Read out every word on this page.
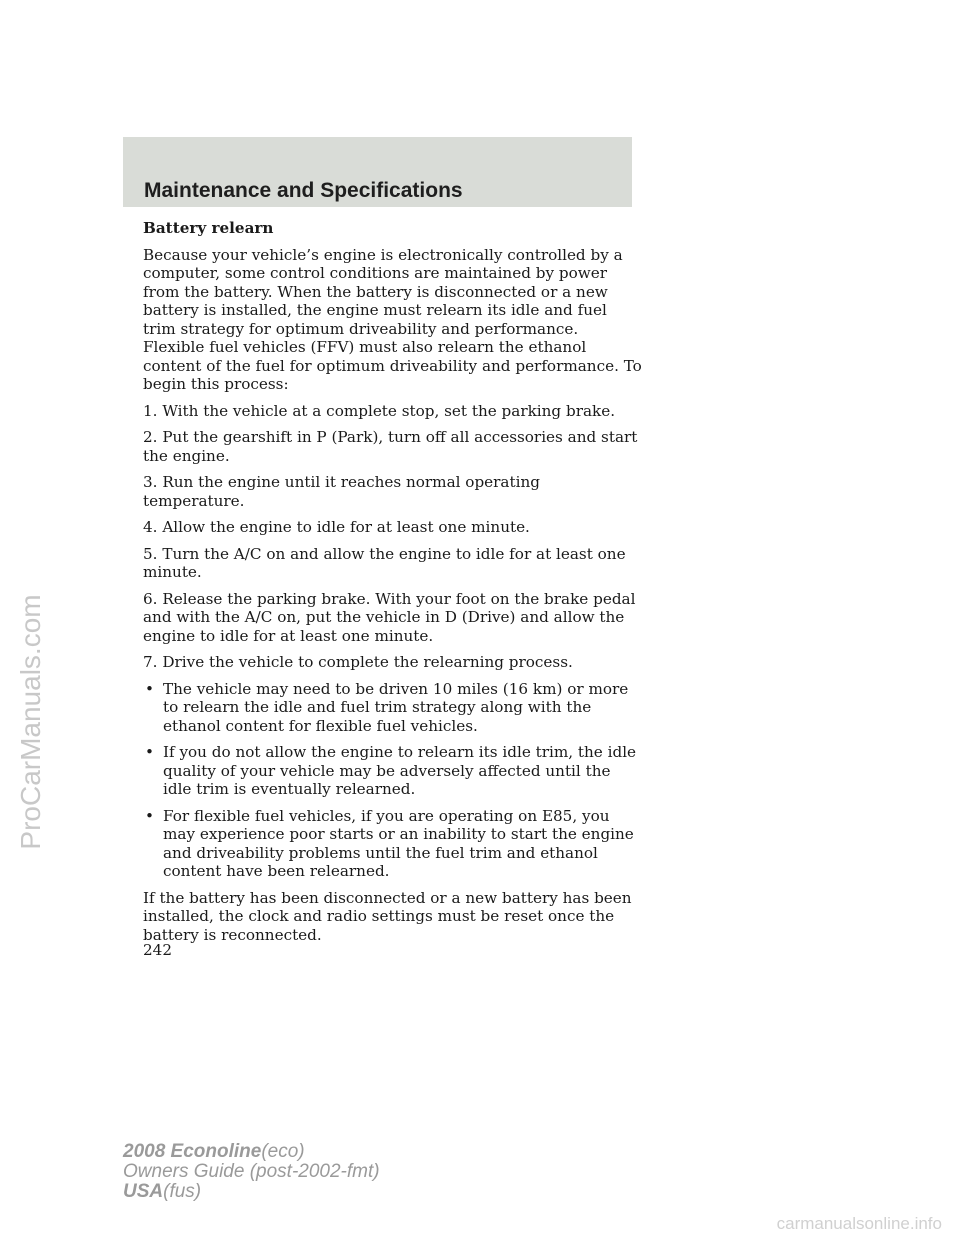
Maintenance and Specifications
ProCarManuals.com

Battery relearn

Because your vehicle’s engine is electronically controlled by a computer, some control conditions are maintained by power from the battery. When the battery is disconnected or a new battery is installed, the engine must relearn its idle and fuel trim strategy for optimum driveability and performance. Flexible fuel vehicles (FFV) must also relearn the ethanol content of the fuel for optimum driveability and performance. To begin this process:

1. With the vehicle at a complete stop, set the parking brake.

2. Put the gearshift in P (Park), turn off all accessories and start the engine.

3. Run the engine until it reaches normal operating temperature.

4. Allow the engine to idle for at least one minute.

5. Turn the A/C on and allow the engine to idle for at least one minute.

6. Release the parking brake. With your foot on the brake pedal and with the A/C on, put the vehicle in D (Drive) and allow the engine to idle for at least one minute.

7. Drive the vehicle to complete the relearning process.

• The vehicle may need to be driven 10 miles (16 km) or more to relearn the idle and fuel trim strategy along with the ethanol content for flexible fuel vehicles.
• If you do not allow the engine to relearn its idle trim, the idle quality of your vehicle may be adversely affected until the idle trim is eventually relearned.
• For flexible fuel vehicles, if you are operating on E85, you may experience poor starts or an inability to start the engine and driveability problems until the fuel trim and ethanol content have been relearned.

If the battery has been disconnected or a new battery has been installed, the clock and radio settings must be reset once the battery is reconnected.

242
2008 Econoline(eco)
Owners Guide (post-2002-fmt)
USA(fus)
carmanualsonline.info
